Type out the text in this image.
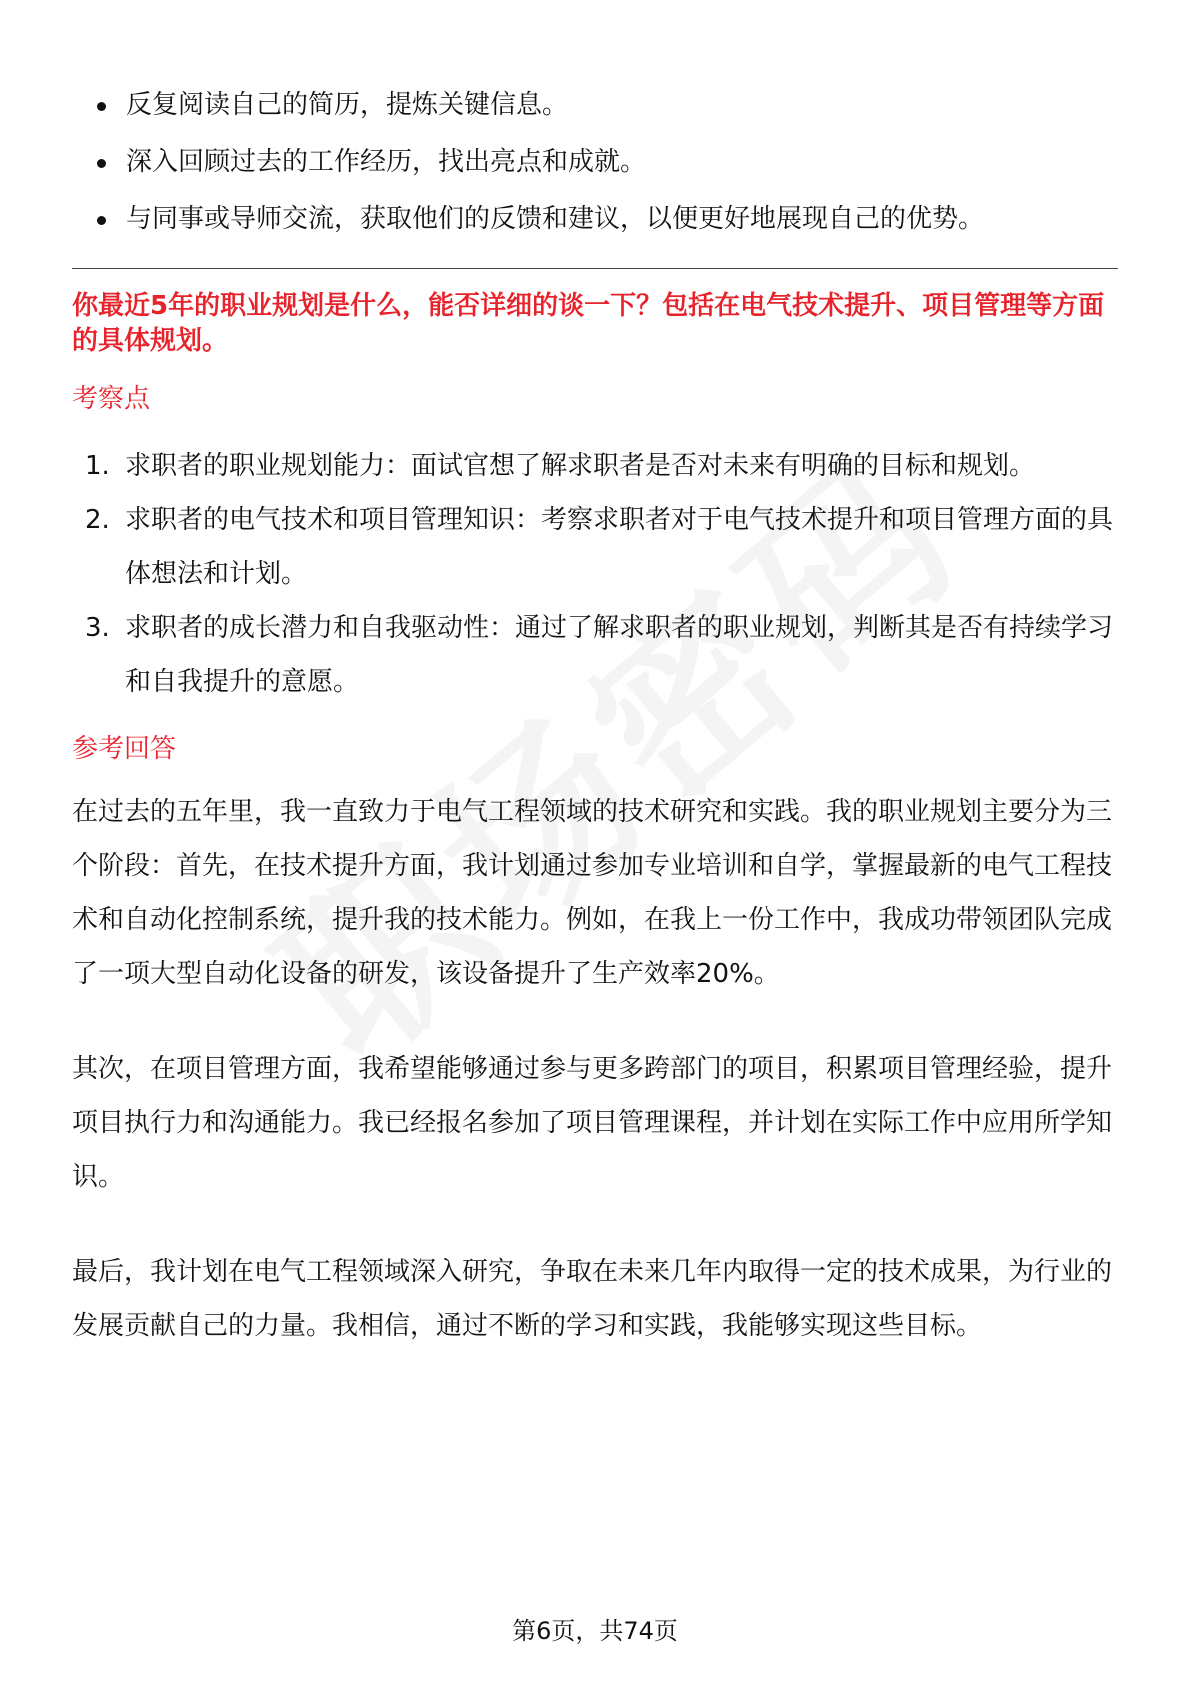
反复阅读自己的简历，提炼关键信息。
深入回顾过去的工作经历，找出亮点和成就。
与同事或导师交流，获取他们的反馈和建议，以便更好地展现自己的优势。
你最近5年的职业规划是什么，能否详细的谈一下？包括在电气技术提升、项目管理等方面的具体规划。
考察点
1. 求职者的职业规划能力：面试官想了解求职者是否对未来有明确的目标和规划。
2. 求职者的电气技术和项目管理知识：考察求职者对于电气技术提升和项目管理方面的具体想法和计划。
3. 求职者的成长潜力和自我驱动性：通过了解求职者的职业规划，判断其是否有持续学习和自我提升的意愿。
参考回答

在过去的五年里，我一直致力于电气工程领域的技术研究和实践。我的职业规划主要分为三个阶段：首先，在技术提升方面，我计划通过参加专业培训和自学，掌握最新的电气工程技术和自动化控制系统，提升我的技术能力。例如，在我上一份工作中，我成功带领团队完成了一项大型自动化设备的研发，该设备提升了生产效率20%。

其次，在项目管理方面，我希望能够通过参与更多跨部门的项目，积累项目管理经验，提升项目执行力和沟通能力。我已经报名参加了项目管理课程，并计划在实际工作中应用所学知识。

最后，我计划在电气工程领域深入研究，争取在未来几年内取得一定的技术成果，为行业的发展贡献自己的力量。我相信，通过不断的学习和实践，我能够实现这些目标。

第6页，共74页
